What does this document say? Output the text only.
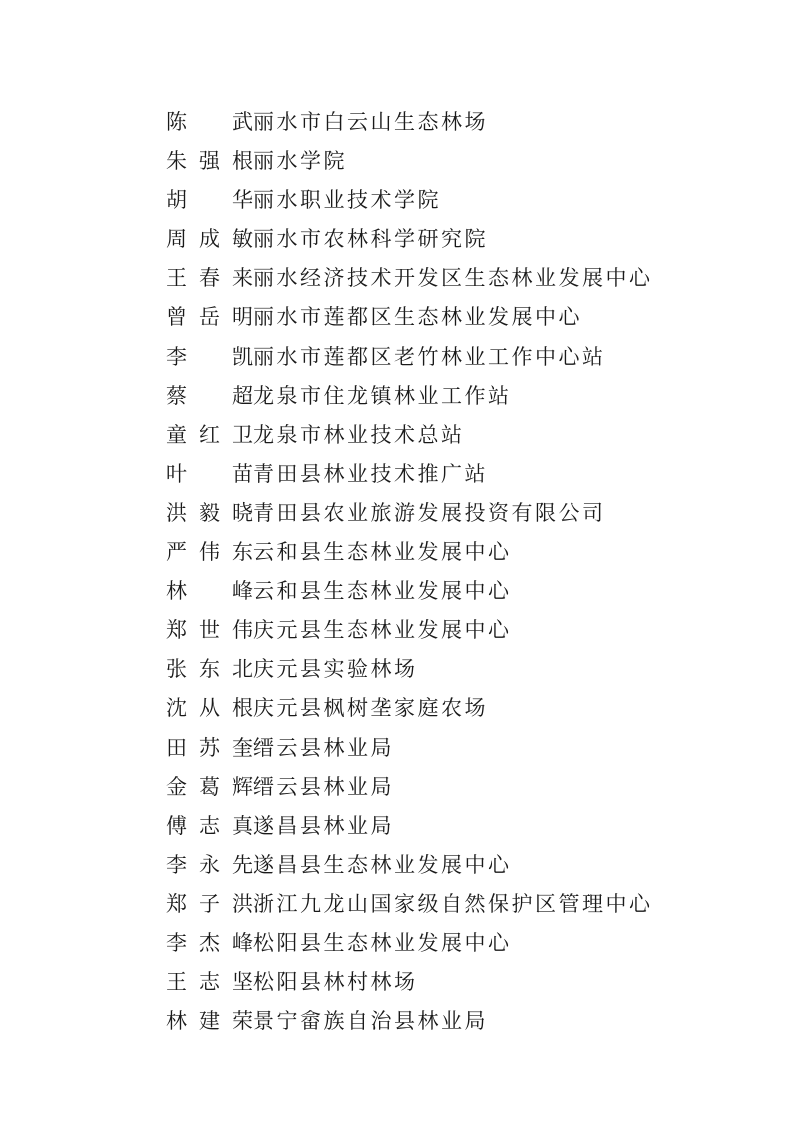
陈　武 丽水市白云山生态林场
朱强根 丽水学院
胡　华 丽水职业技术学院
周成敏 丽水市农林科学研究院
王春来 丽水经济技术开发区生态林业发展中心
曾岳明 丽水市莲都区生态林业发展中心
李　凯 丽水市莲都区老竹林业工作中心站
蔡　超 龙泉市住龙镇林业工作站
童红卫 龙泉市林业技术总站
叶　苗 青田县林业技术推广站
洪毅晓 青田县农业旅游发展投资有限公司
严伟东 云和县生态林业发展中心
林　峰 云和县生态林业发展中心
郑世伟 庆元县生态林业发展中心
张东北 庆元县实验林场
沈从根 庆元县枫树垄家庭农场
田苏奎 缙云县林业局
金葛辉 缙云县林业局
傅志真 遂昌县林业局
李永先 遂昌县生态林业发展中心
郑子洪 浙江九龙山国家级自然保护区管理中心
李杰峰 松阳县生态林业发展中心
王志坚 松阳县林村林场
林建荣 景宁畲族自治县林业局
